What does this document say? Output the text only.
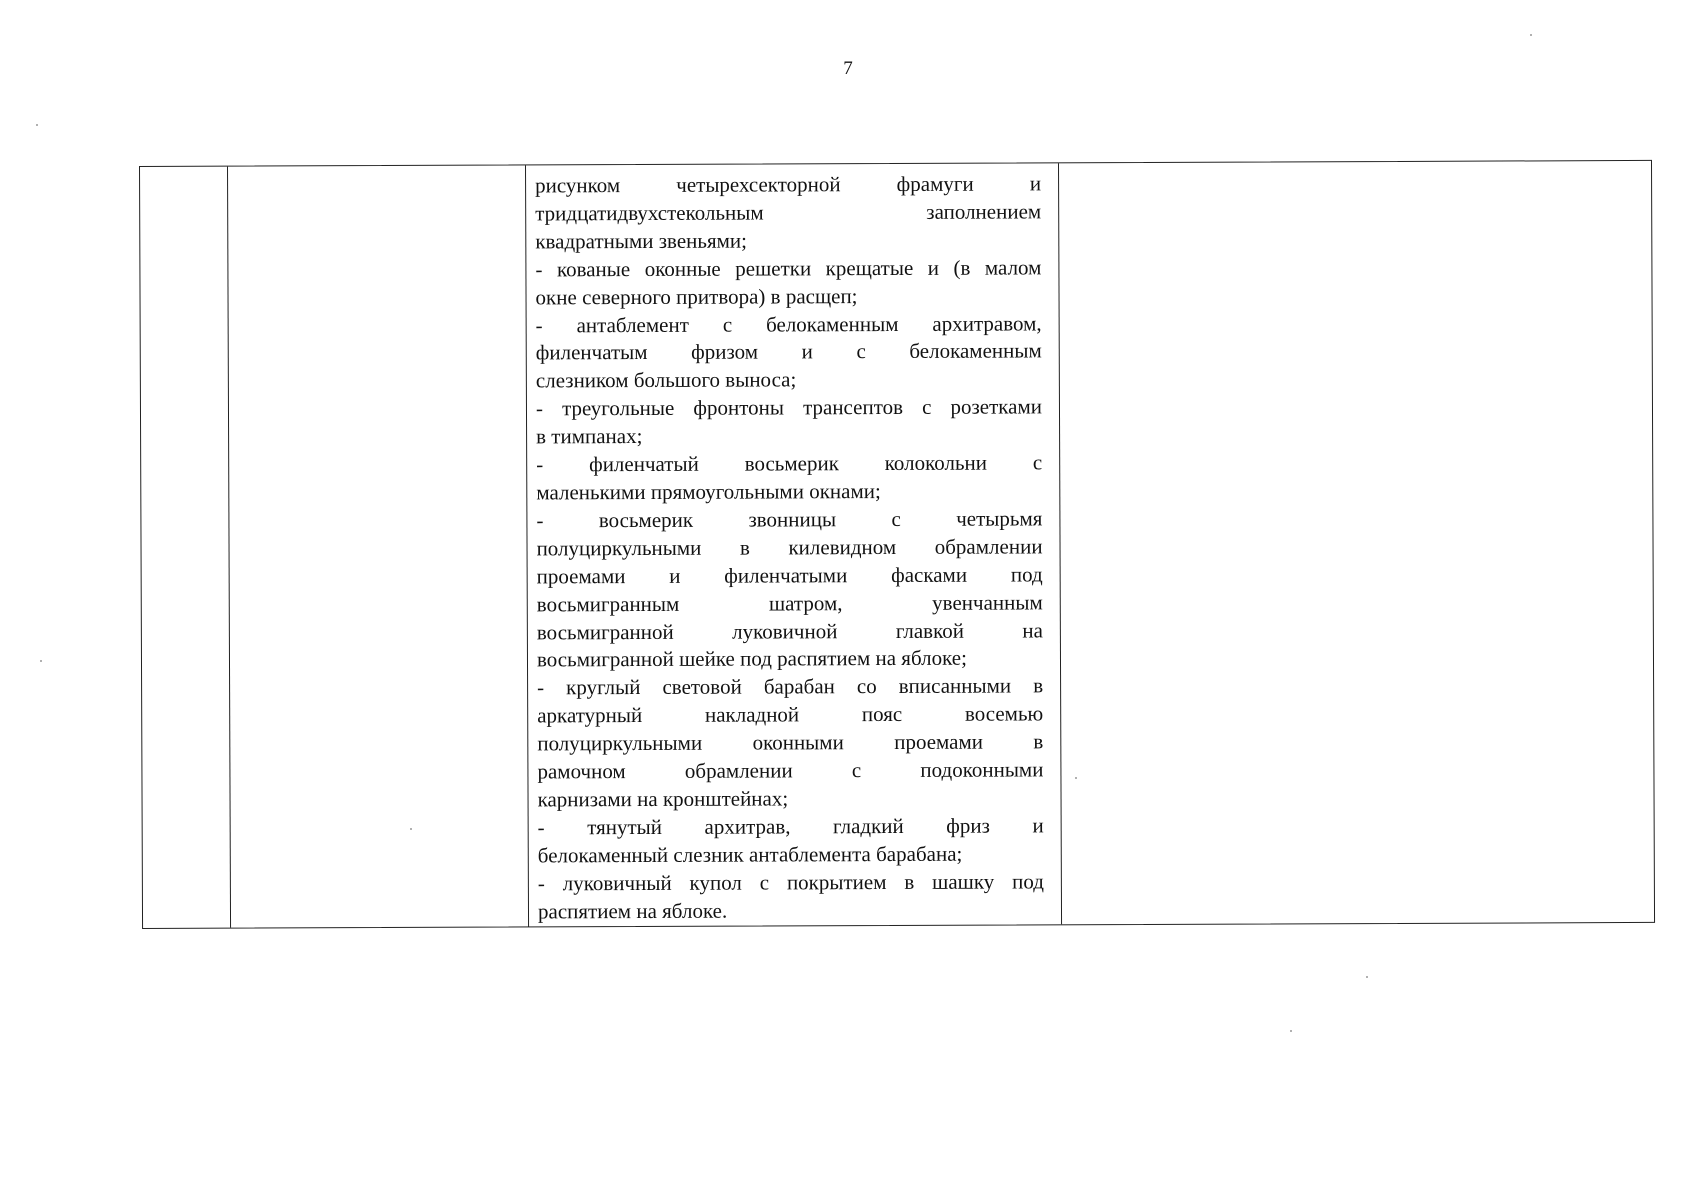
7

рисунком четырехсекторной фрамуги и

тридцатидвухстекольным заполнением

квадратными звеньями;

- кованые оконные решетки крещатые и (в малом

окне северного притвора) в расщеп;

- антаблемент с белокаменным архитравом,

филенчатым фризом и с белокаменным

слезником большого выноса;

- треугольные фронтоны трансептов с розетками

в тимпанах;

- филенчатый восьмерик колокольни с

маленькими прямоугольными окнами;

- восьмерик звонницы с четырьмя

полуциркульными в килевидном обрамлении

проемами и филенчатыми фасками под

восьмигранным шатром, увенчанным

восьмигранной луковичной главкой на

восьмигранной шейке под распятием на яблоке;

- круглый световой барабан со вписанными в

аркатурный накладной пояс восемью

полуциркульными оконными проемами в

рамочном обрамлении с подоконными

карнизами на кронштейнах;

- тянутый архитрав, гладкий фриз и

белокаменный слезник антаблемента барабана;

- луковичный купол с покрытием в шашку под

распятием на яблоке.
